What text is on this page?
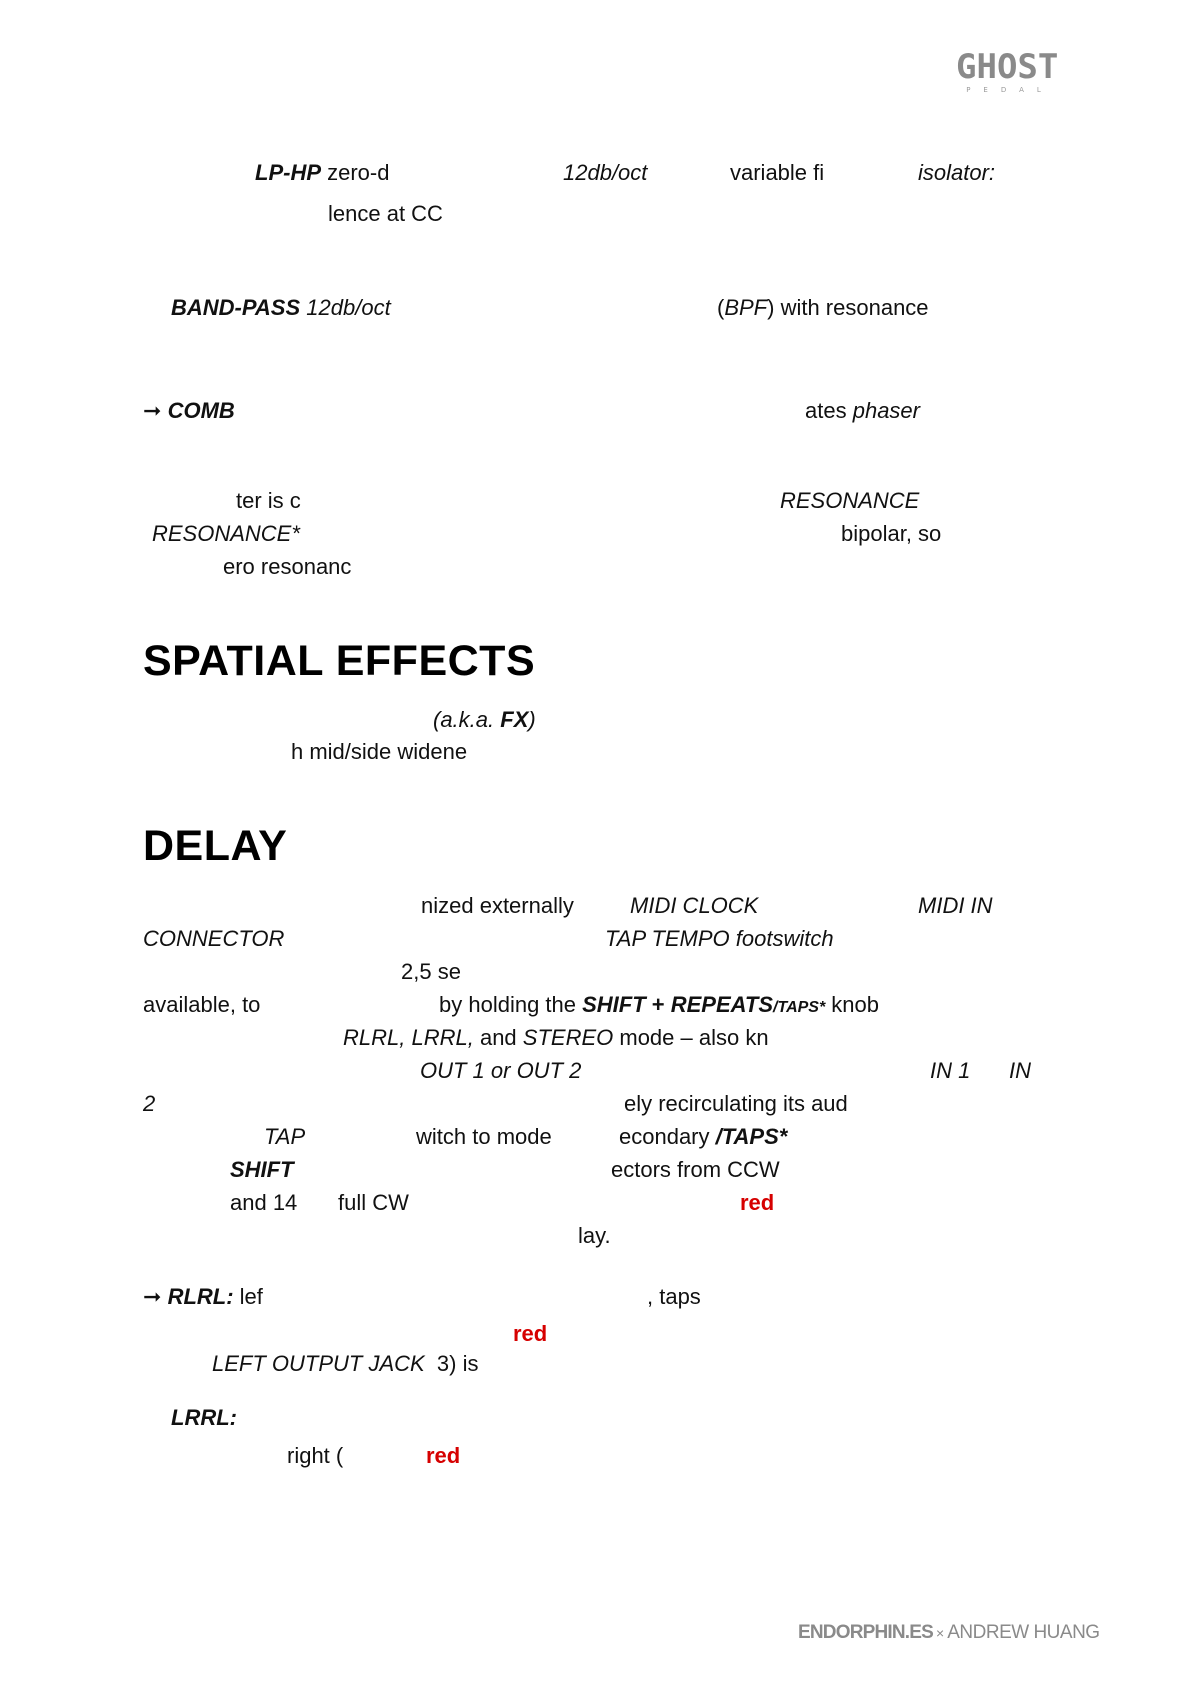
GHOST
PEDAL
LP-HP zero-d	12db/oct	variable fi	isolator:
lence at CC
BAND-PASS 12db/oct	(BPF) with resonance
➞ COMB	ates phaser
ter is c	RESONANCE
RESONANCE*	bipolar, so
ero resonanc
SPATIAL EFFECTS
(a.k.a. FX)
h mid/side widene
DELAY
nized externally	MIDI CLOCK	MIDI IN
CONNECTOR	TAP TEMPO footswitch
2,5 se
available, to	by holding the SHIFT + REPEATS/TAPS* knob
RLRL, LRRL, and STEREO mode – also kn
OUT 1 or OUT 2	IN 1 IN
2	ely recirculating its aud
TAP	witch to mode	econdary /TAPS*
SHIFT	ectors from CCW
and 14 full CW	red
lay.
➞ RLRL: lef	, taps
red
LEFT OUTPUT JACK 3) is
LRRL:
right (	red
ENDORPHIN.ES × ANDREW HUANG
